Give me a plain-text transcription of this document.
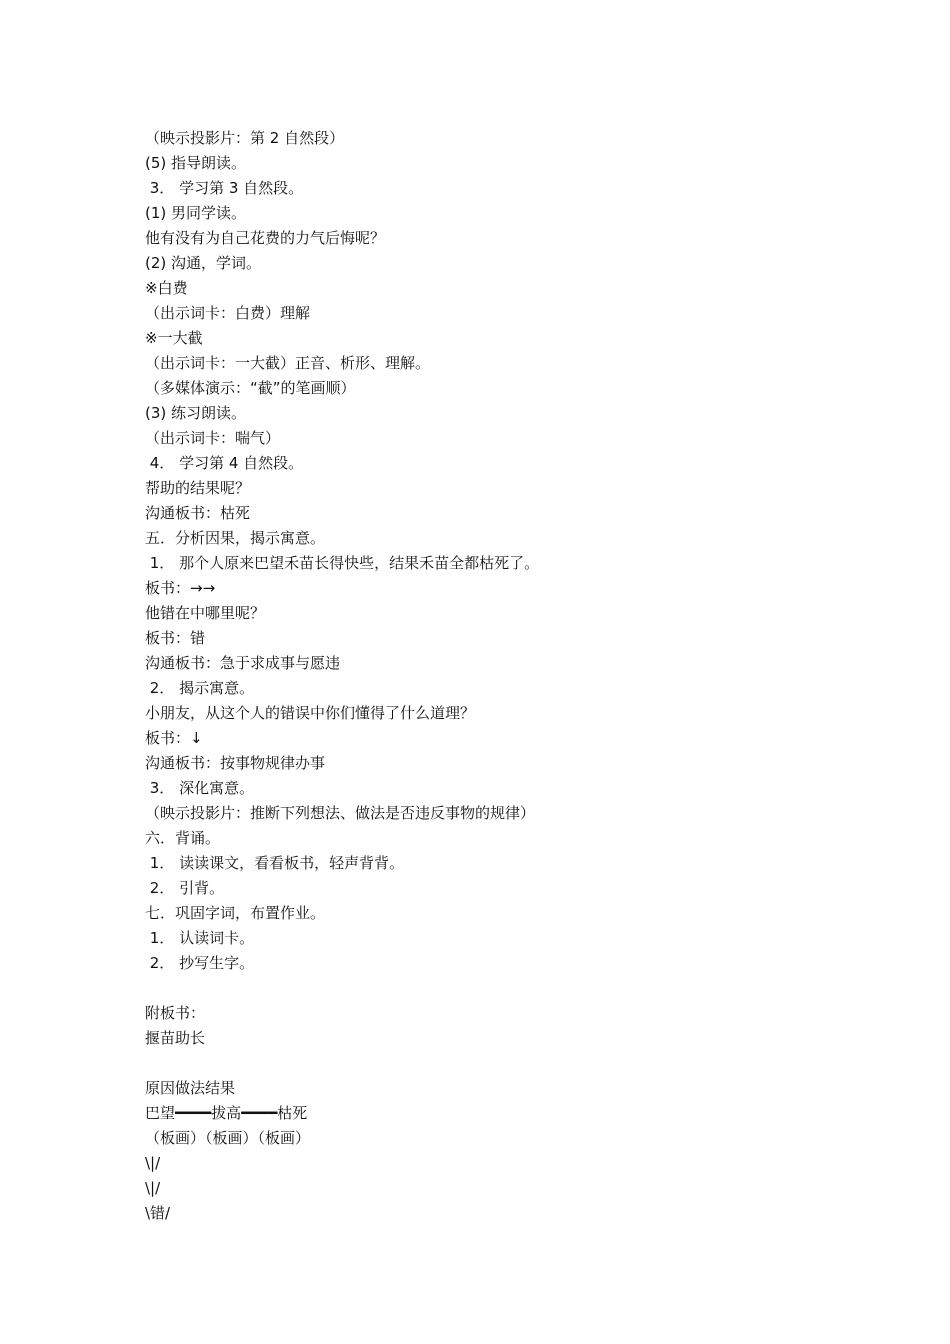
（映示投影片：第 2 自然段）
(5) 指导朗读。
3． 学习第 3 自然段。
(1) 男同学读。
他有没有为自己花费的力气后悔呢？
(2) 沟通，学词。
※白费
（出示词卡：白费）理解
※一大截
（出示词卡：一大截）正音、析形、理解。
（多媒体演示：“截”的笔画顺）
(3) 练习朗读。
（出示词卡：喘气）
4． 学习第 4 自然段。
帮助的结果呢？
沟通板书：枯死
五．分析因果，揭示寓意。
1． 那个人原来巴望禾苗长得快些，结果禾苗全都枯死了。
板书：→→
他错在中哪里呢？
板书：错
沟通板书：急于求成事与愿违
2． 揭示寓意。
小朋友，从这个人的错误中你们懂得了什么道理？
板书：↓
沟通板书：按事物规律办事
3． 深化寓意。
（映示投影片：推断下列想法、做法是否违反事物的规律）
六．背诵。
1． 读读课文，看看板书，轻声背背。
2． 引背。
七．巩固字词，布置作业。
1． 认读词卡。
2． 抄写生字。
附板书：
揠苗助长
原因做法结果
巴望━━━━拔高━━━━枯死
（板画）（板画）（板画）
\|/
\|/
\错/
